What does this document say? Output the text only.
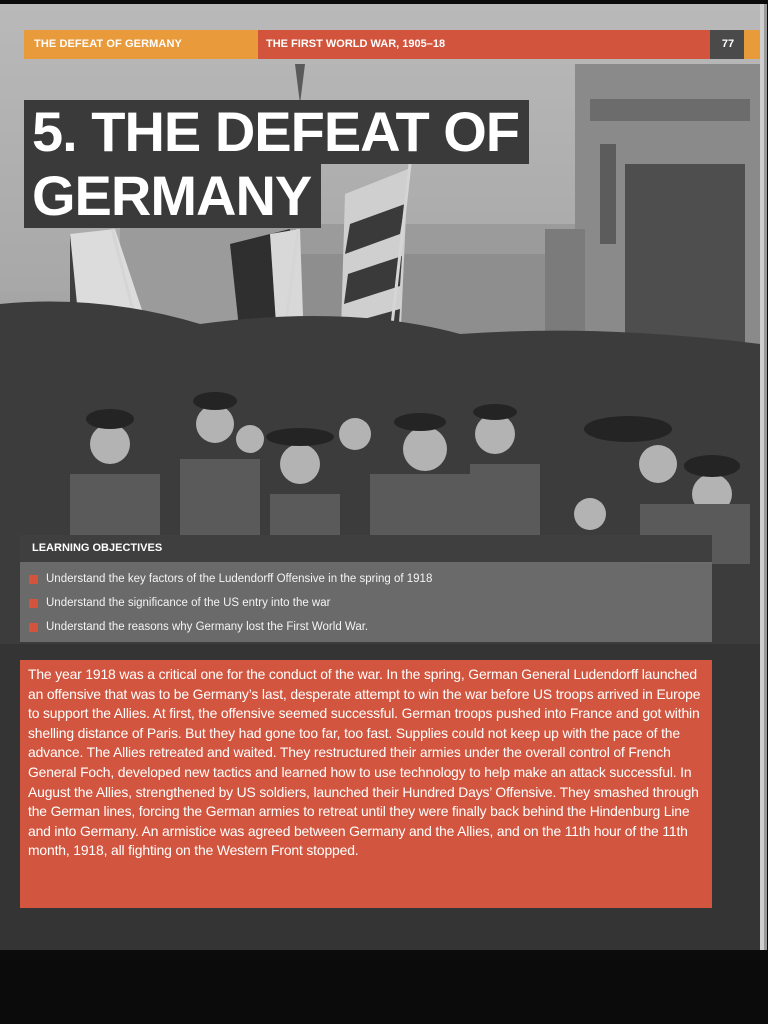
THE DEFEAT OF GERMANY	THE FIRST WORLD WAR, 1905–18	77
5. THE DEFEAT OF
GERMANY
LEARNING OBJECTIVES
Understand the key factors of the Ludendorff Offensive in the spring of 1918
Understand the significance of the US entry into the war
Understand the reasons why Germany lost the First World War.

The year 1918 was a critical one for the conduct of the war. In the spring, German General Ludendorff launched an offensive that was to be Germany’s last, desperate attempt to win the war before US troops arrived in Europe to support the Allies. At first, the offensive seemed successful. German troops pushed into France and got within shelling distance of Paris. But they had gone too far, too fast. Supplies could not keep up with the pace of the advance. The Allies retreated and waited. They restructured their armies under the overall control of French General Foch, developed new tactics and learned how to use technology to help make an attack successful. In August the Allies, strengthened by US soldiers, launched their Hundred Days’ Offensive. They smashed through the German lines, forcing the German armies to retreat until they were finally back behind the Hindenburg Line and into Germany. An armistice was agreed between Germany and the Allies, and on the 11th hour of the 11th month, 1918, all fighting on the Western Front stopped.
